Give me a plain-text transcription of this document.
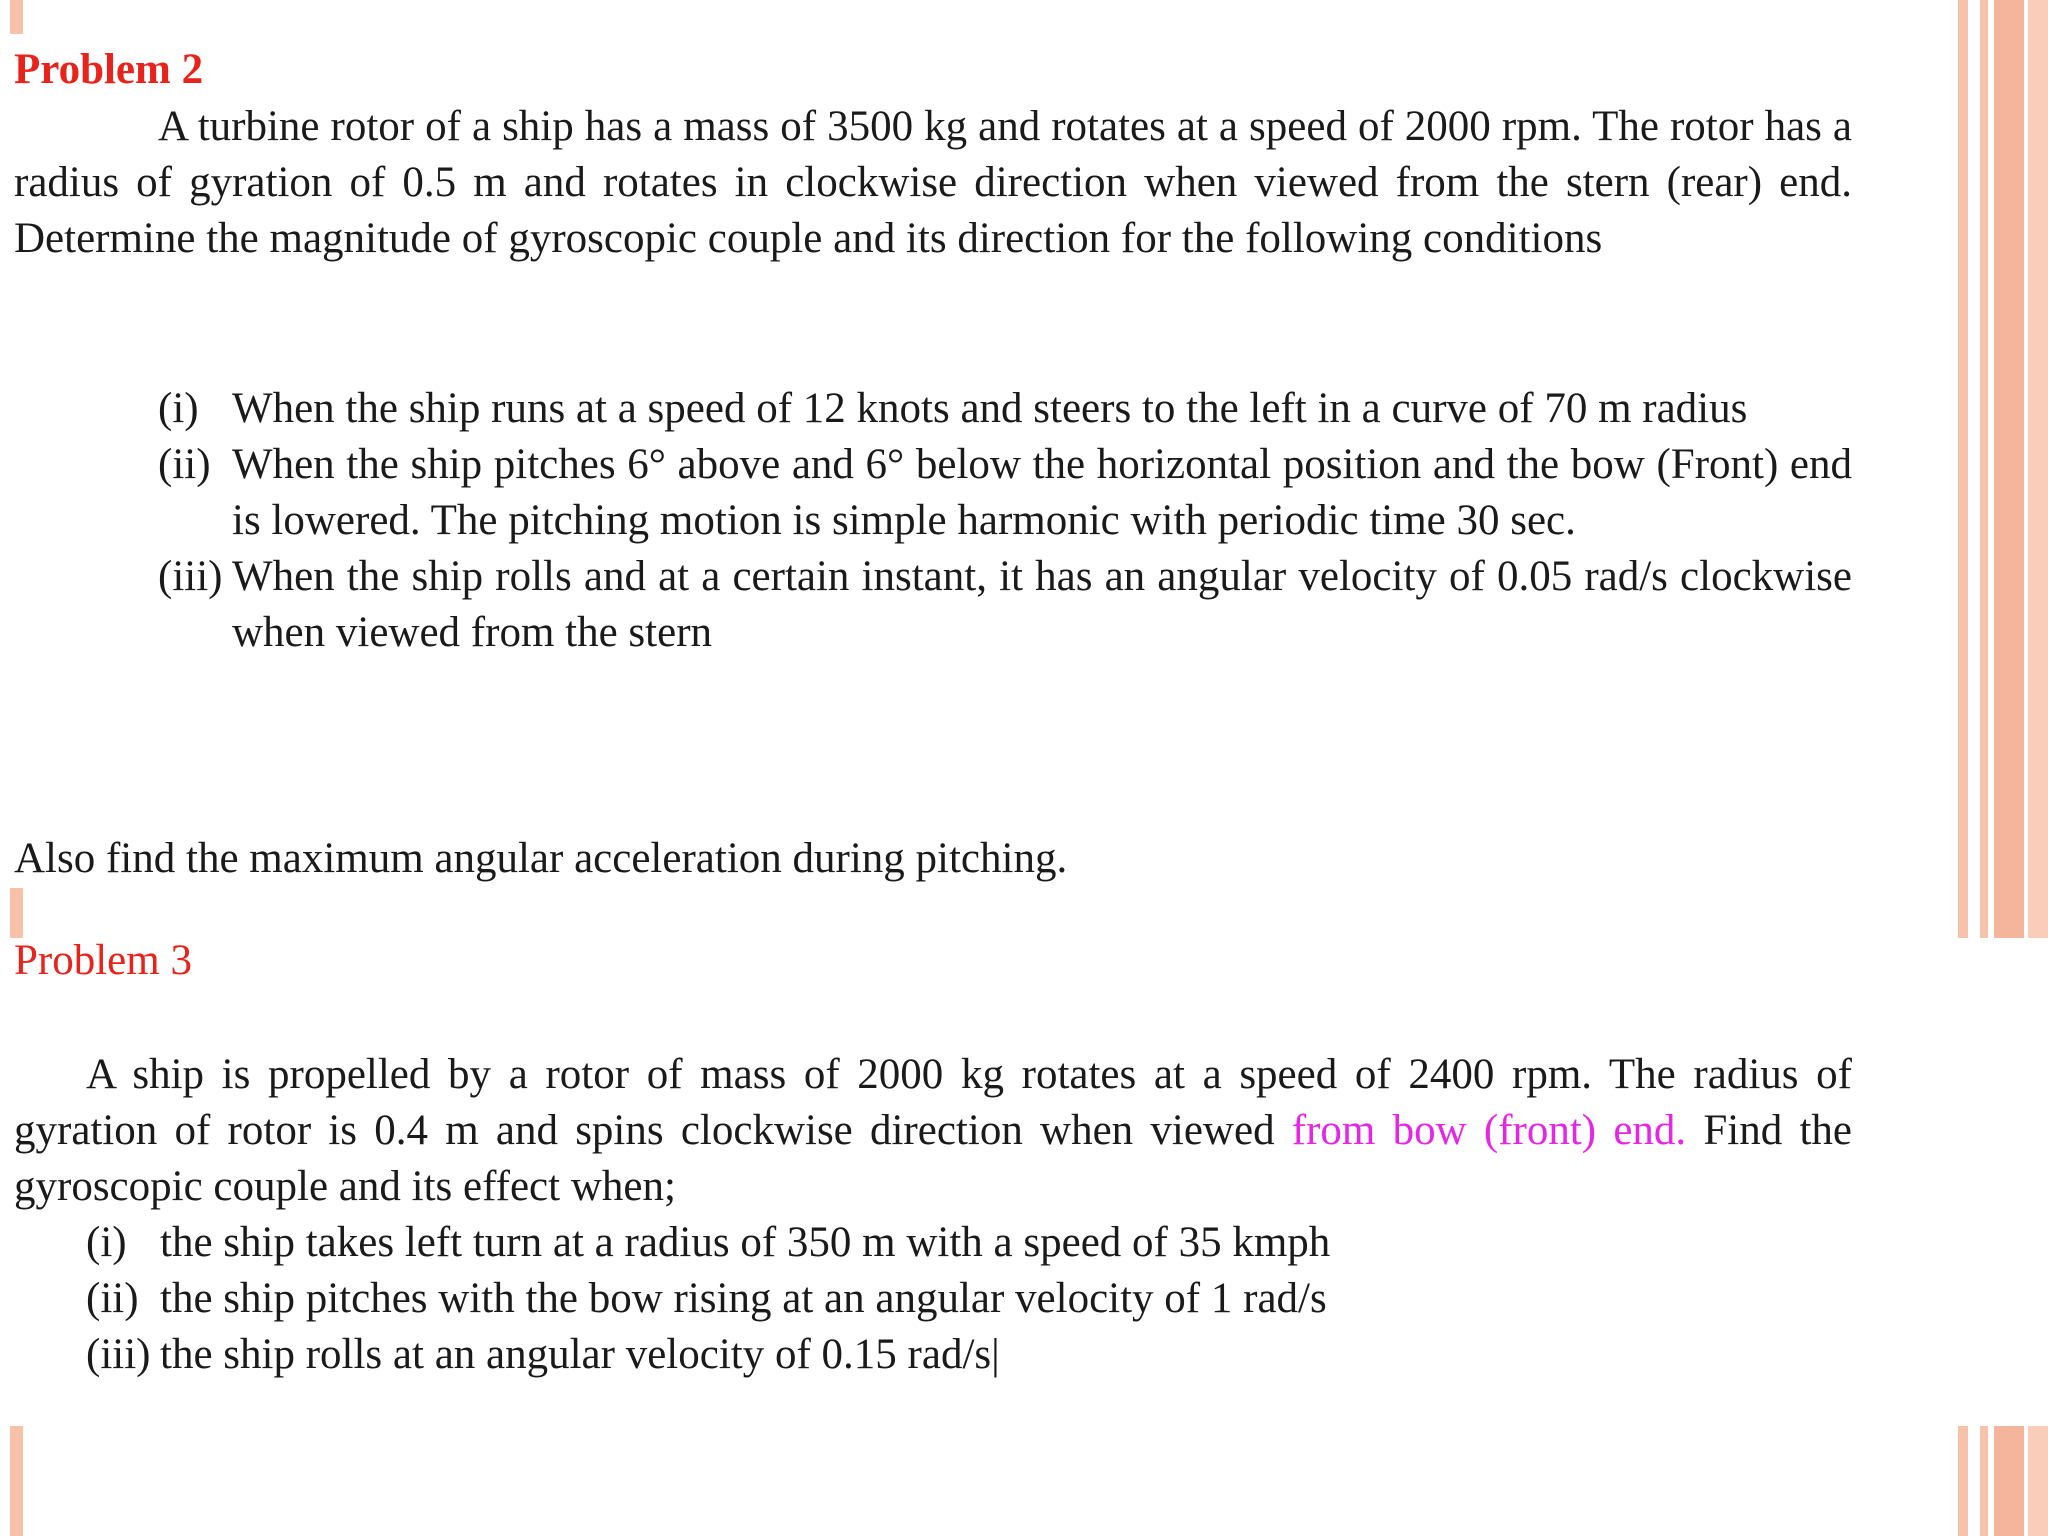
Problem 2

A turbine rotor of a ship has a mass of 3500 kg and rotates at a speed of 2000 rpm. The rotor has a radius of gyration of 0.5 m and rotates in clockwise direction when viewed from the stern (rear) end. Determine the magnitude of gyroscopic couple and its direction for the following conditions

(i) When the ship runs at a speed of 12 knots and steers to the left in a curve of 70 m radius
(ii) When the ship pitches 6° above and 6° below the horizontal position and the bow (Front) end is lowered. The pitching motion is simple harmonic with periodic time 30 sec.
(iii) When the ship rolls and at a certain instant, it has an angular velocity of 0.05 rad/s clockwise when viewed from the stern
Also find the maximum angular acceleration during pitching.
Problem 3

A ship is propelled by a rotor of mass of 2000 kg rotates at a speed of 2400 rpm. The radius of gyration of rotor is 0.4 m and spins clockwise direction when viewed from bow (front) end. Find the gyroscopic couple and its effect when;

(i) the ship takes left turn at a radius of 350 m with a speed of 35 kmph
(ii) the ship pitches with the bow rising at an angular velocity of 1 rad/s
(iii) the ship rolls at an angular velocity of 0.15 rad/s|
